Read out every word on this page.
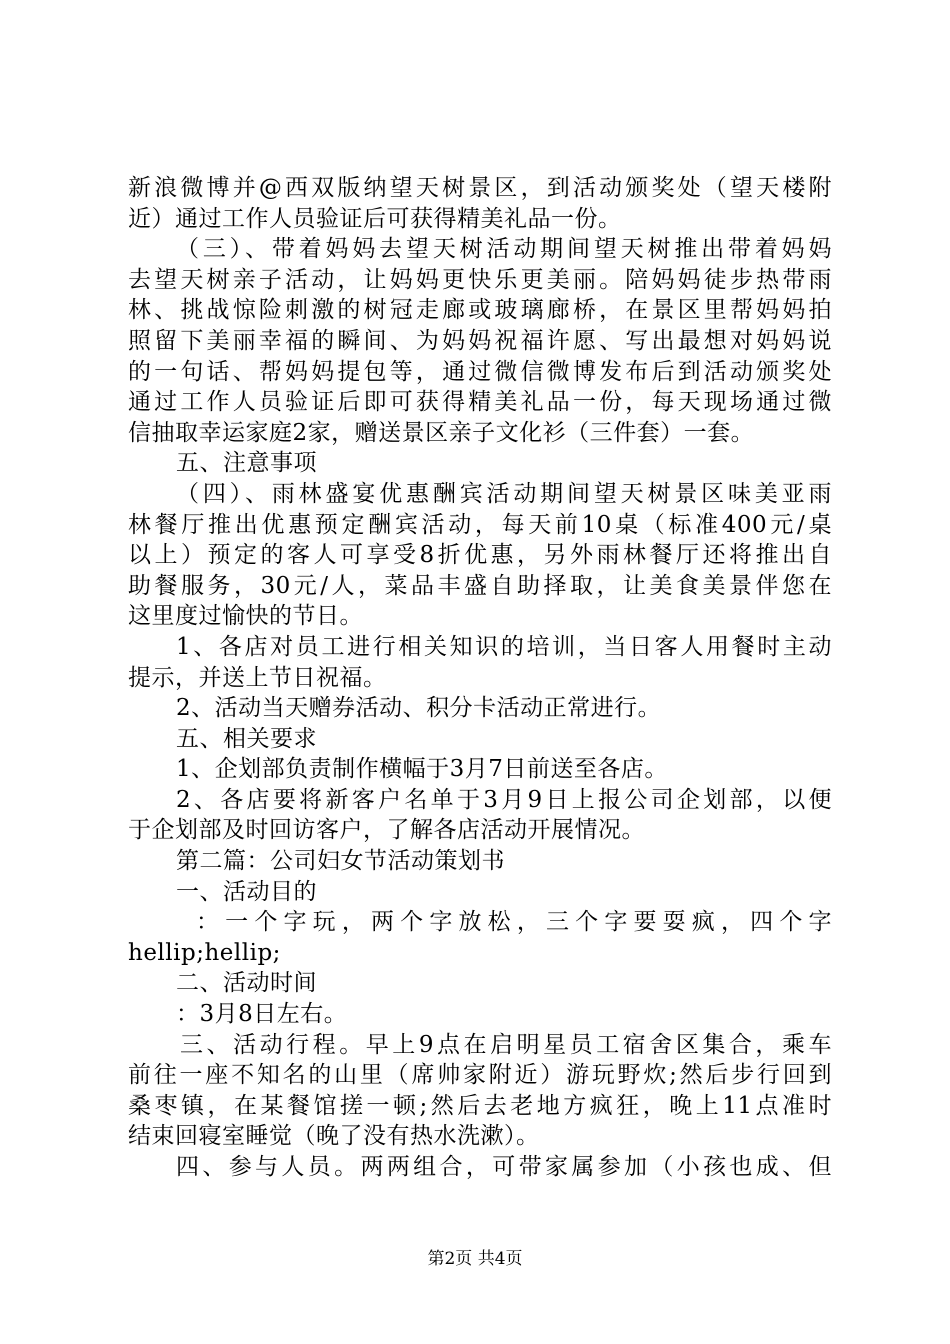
新浪微博并@西双版纳望天树景区，到活动颁奖处（望天楼附
近）通过工作人员验证后可获得精美礼品一份。
（三）、带着妈妈去望天树活动期间望天树推出带着妈妈
去望天树亲子活动，让妈妈更快乐更美丽。陪妈妈徒步热带雨
林、挑战惊险刺激的树冠走廊或玻璃廊桥，在景区里帮妈妈拍
照留下美丽幸福的瞬间、为妈妈祝福许愿、写出最想对妈妈说
的一句话、帮妈妈提包等，通过微信微博发布后到活动颁奖处
通过工作人员验证后即可获得精美礼品一份，每天现场通过微
信抽取幸运家庭2家，赠送景区亲子文化衫（三件套）一套。
五、注意事项
（四）、雨林盛宴优惠酬宾活动期间望天树景区味美亚雨
林餐厅推出优惠预定酬宾活动，每天前10桌（标准400元/桌
以上）预定的客人可享受8折优惠，另外雨林餐厅还将推出自
助餐服务，30元/人，菜品丰盛自助择取，让美食美景伴您在
这里度过愉快的节日。
1、各店对员工进行相关知识的培训，当日客人用餐时主动
提示，并送上节日祝福。
2、活动当天赠券活动、积分卡活动正常进行。
五、相关要求
1、企划部负责制作横幅于3月7日前送至各店。
2、各店要将新客户名单于3月9日上报公司企划部，以便
于企划部及时回访客户，了解各店活动开展情况。
第二篇：公司妇女节活动策划书
一、活动目的
：一个字玩，两个字放松，三个字要耍疯，四个字
hellip;hellip;
二、活动时间
：3月8日左右。
三、活动行程。早上9点在启明星员工宿舍区集合，乘车
前往一座不知名的山里（席帅家附近）游玩野炊;然后步行回到
桑枣镇，在某餐馆搓一顿;然后去老地方疯狂，晚上11点准时
结束回寝室睡觉（晚了没有热水洗漱）。
四、参与人员。两两组合，可带家属参加（小孩也成、但
第2页 共4页
